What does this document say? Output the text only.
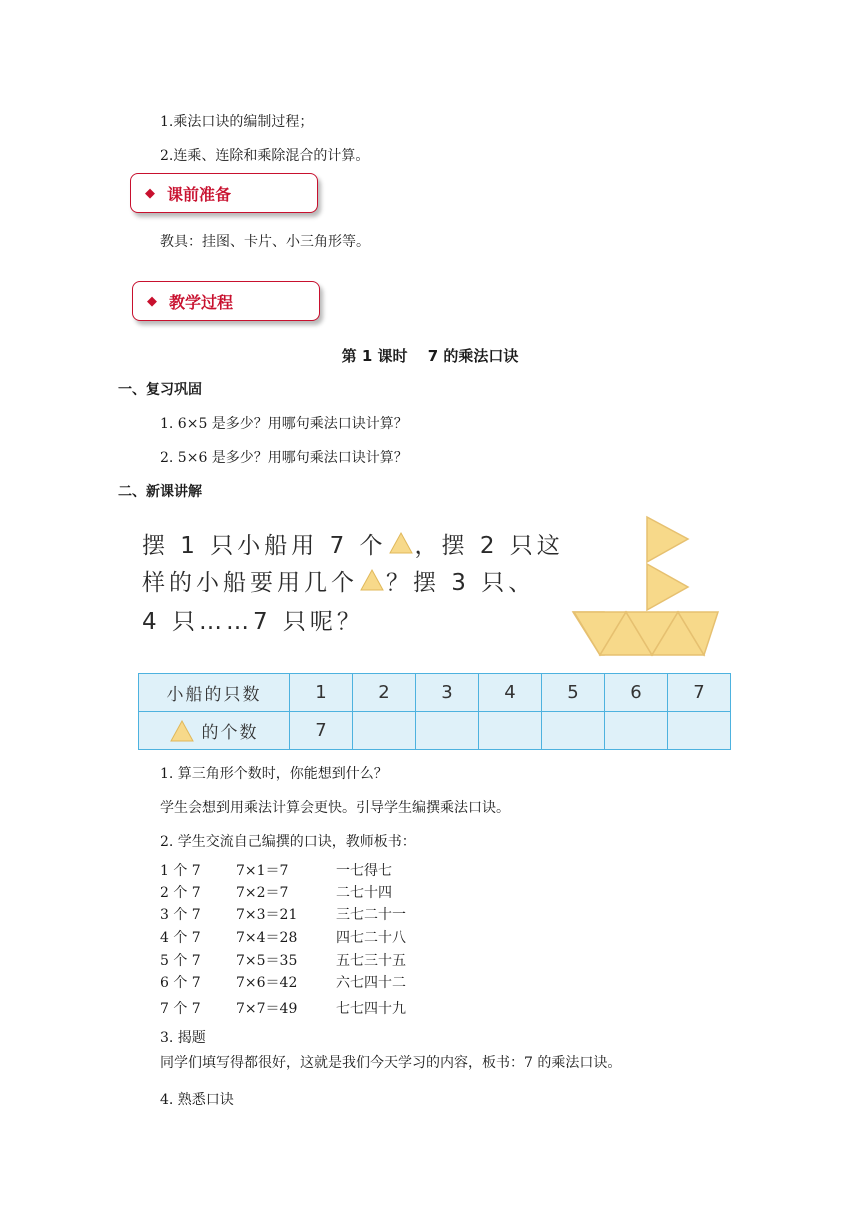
1.乘法口诀的编制过程；
2.连乘、连除和乘除混合的计算。
◆ 课前准备
教具：挂图、卡片、小三角形等。
◆ 教学过程
第 1 课时　 7 的乘法口诀
一、复习巩固
1. 6×5 是多少？用哪句乘法口诀计算？
2. 5×6 是多少？用哪句乘法口诀计算？
二、新课讲解
摆 1 只小船用 7 个 ，摆 2 只这
样的小船要用几个 ？摆 3 只、
4 只……7 只呢？
小船的只数	1	2	3	4	5	6	7
的个数	7						
1. 算三角形个数时，你能想到什么？
学生会想到用乘法计算会更快。引导学生编撰乘法口诀。
2. 学生交流自己编撰的口诀，教师板书：
1 个 7	7×1＝7	一七得七
2 个 7	7×2＝7	二七十四
3 个 7	7×3＝21	三七二十一
4 个 7	7×4＝28	四七二十八
5 个 7	7×5＝35	五七三十五
6 个 7	7×6＝42	六七四十二
7 个 7	7×7＝49	七七四十九
3. 揭题
同学们填写得都很好，这就是我们今天学习的内容，板书：7 的乘法口诀。
4. 熟悉口诀
